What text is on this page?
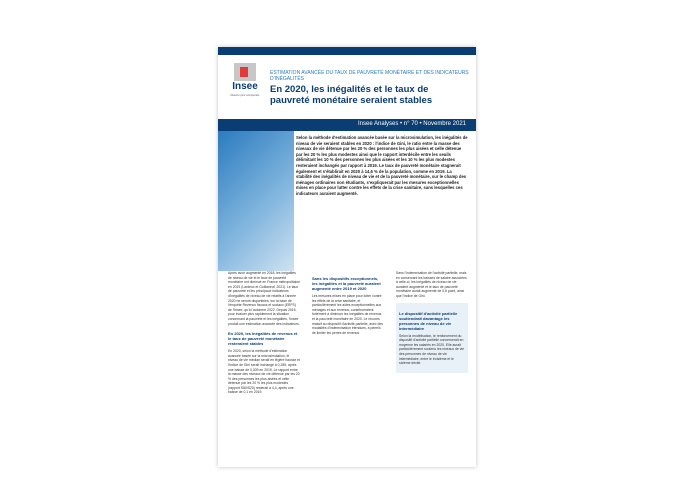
Insee
Mesurer pour comprendre
ESTIMATION AVANCÉE DU TAUX DE PAUVRETÉ MONÉTAIRE ET DES INDICATEURS D'INÉGALITÉS
En 2020, les inégalités et le taux de pauvreté monétaire seraient stables
Insee Analyses • n° 70 • Novembre 2021
Selon la méthode d'estimation avancée basée sur la microsimulation, les inégalités de niveau de vie seraient stables en 2020 : l'indice de Gini, le ratio entre la masse des niveaux de vie détenue par les 20 % des personnes les plus aisées et celle détenue par les 20 % les plus modestes ainsi que le rapport interdécile entre les seuils délimitant les 10 % des personnes les plus aisées et les 10 % les plus modestes resteraient inchangés par rapport à 2019. Le taux de pauvreté monétaire stagnerait également et s'établirait en 2020 à 14,6 % de la population, comme en 2019. La stabilité des inégalités de niveau de vie et de la pauvreté monétaire, sur le champ des ménages ordinaires non étudiants, s'expliquerait par les mesures exceptionnelles mises en place pour lutter contre les effets de la crise sanitaire, sans lesquelles ces indicateurs auraient augmenté.

Après avoir augmenté en 2018, les inégalités de niveau de vie et le taux de pauvreté monétaire ont diminué en France métropolitaine en 2019 (Lardeux et Guillaneuf, 2021). Le taux de pauvreté et les principaux indicateurs d'inégalités de niveau de vie relatifs à l'année 2020 ne seront disponibles, sur la base de l'enquête Revenus fiscaux et sociaux (ERFS) de l'Insee, qu'à l'automne 2022. Depuis 2015, pour évaluer plus rapidement la situation concernant la pauvreté et les inégalités, l'Insee produit une estimation avancée des indicateurs.

En 2020, les inégalités de revenus et le taux de pauvreté monétaire resteraient stables

En 2020, selon la méthode d'estimation avancée basée sur la microsimulation, le niveau de vie médian serait en légère hausse et l'indice de Gini serait inchangé à 0,289, après une baisse de 0,009 en 2019. Le rapport entre la masse des niveaux de vie détenue par les 20 % des personnes les plus aisées et celle détenue par les 20 % les plus modestes (rapport S80/S20) resterait à 4,4, après une baisse de 0,1 en 2019.

Sans les dispositifs exceptionnels, les inégalités et la pauvreté auraient augmenté entre 2019 et 2020

Les mesures mises en place pour lutter contre les effets de la crise sanitaire, et particulièrement les aides exceptionnelles aux ménages et aux revenus, contribueraient fortement à diminuer les inégalités de revenus et la pauvreté monétaire en 2020. Le recours massif au dispositif d'activité partielle, avec des modalités d'indemnisation étendues, a permis de limiter les pertes de revenus.

Sans l'indemnisation de l'activité partielle, mais en conservant les baisses de salaire associées à celle-ci, les inégalités de niveau de vie auraient augmenté et le taux de pauvreté monétaire aurait augmenté de 0,6 point, ainsi que l'indice de Gini.

Le dispositif d'activité partielle soutiendrait davantage les personnes de niveau de vie intermédiaire

Selon la modélisation, le renforcement du dispositif d'activité partielle concernerait en moyenne les salariés en 2020. Elle aurait particulièrement soutenu les niveaux de vie des personnes de niveau de vie intermédiaire, entre le troisième et le sixième décile.
